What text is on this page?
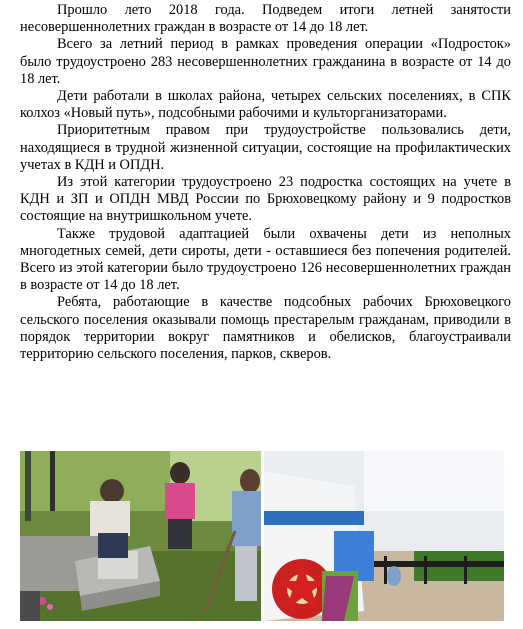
Прошло лето 2018 года. Подведем итоги летней занятости несовершеннолетних граждан в возрасте от 14 до 18 лет.

Всего за летний период в рамках проведения операции «Подросток» было трудоустроено 283 несовершеннолетних гражданина в возрасте от 14 до 18 лет.

Дети работали в школах района, четырех сельских поселениях, в СПК колхоз «Новый путь», подсобными рабочими и культорганизаторами.

Приоритетным правом при трудоустройстве пользовались дети, находящиеся в трудной жизненной ситуации, состоящие на профилактических учетах в КДН и ОПДН.

Из этой категории трудоустроено 23 подростка состоящих на учете в КДН и ЗП и ОПДН МВД России по Брюховецкому району и 9 подростков состоящие на внутришкольном учете.

Также трудовой адаптацией были охвачены дети из неполных многодетных семей, дети сироты, дети - оставшиеся без попечения родителей. Всего из этой категории было трудоустроено 126 несовершеннолетних граждан в возрасте от 14 до 18 лет.

Ребята, работающие в качестве подсобных рабочих Брюховецкого сельского поселения оказывали помощь престарелым гражданам, приводили в порядок территории вокруг памятников и обелисков, благоустраивали территорию сельского поселения, парков, скверов.
